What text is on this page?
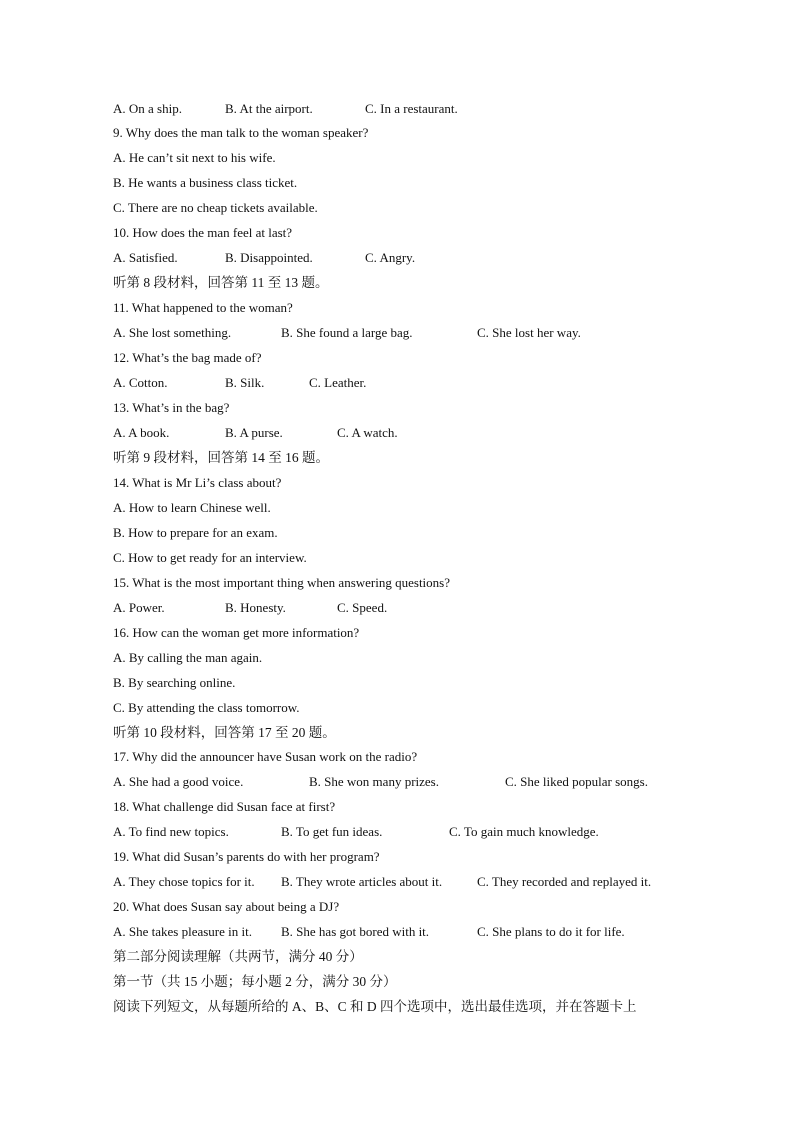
A. On a ship.	B. At the airport.	C. In a restaurant.
9. Why does the man talk to the woman speaker?
A. He can’t sit next to his wife.
B. He wants a business class ticket.
C. There are no cheap tickets available.
10. How does the man feel at last?
A. Satisfied.	B. Disappointed.	C. Angry.
听第 8 段材料，回答第 11 至 13 题。
11. What happened to the woman?
A. She lost something.	B. She found a large bag.	C. She lost her way.
12. What’s the bag made of?
A. Cotton.	B. Silk.	C. Leather.
13. What’s in the bag?
A. A book.	B. A purse.	C. A watch.
听第 9 段材料，回答第 14 至 16 题。
14. What is Mr Li’s class about?
A. How to learn Chinese well.
B. How to prepare for an exam.
C. How to get ready for an interview.
15. What is the most important thing when answering questions?
A. Power.	B. Honesty.	C. Speed.
16. How can the woman get more information?
A. By calling the man again.
B. By searching online.
C. By attending the class tomorrow.
听第 10 段材料，回答第 17 至 20 题。
17. Why did the announcer have Susan work on the radio?
A. She had a good voice.	B. She won many prizes.	C. She liked popular songs.
18. What challenge did Susan face at first?
A. To find new topics.	B. To get fun ideas.	C. To gain much knowledge.
19. What did Susan’s parents do with her program?
A. They chose topics for it. B. They wrote articles about it.	C. They recorded and replayed it.
20. What does Susan say about being a DJ?
A. She takes pleasure in it. B. She has got bored with it.	C. She plans to do it for life.
第二部分阅读理解（共两节，满分 40 分）
第一节（共 15 小题；每小题 2 分，满分 30 分）
阅读下列短文，从每题所给的 A、B、C 和 D 四个选项中，选出最佳选项，并在答题卡上
